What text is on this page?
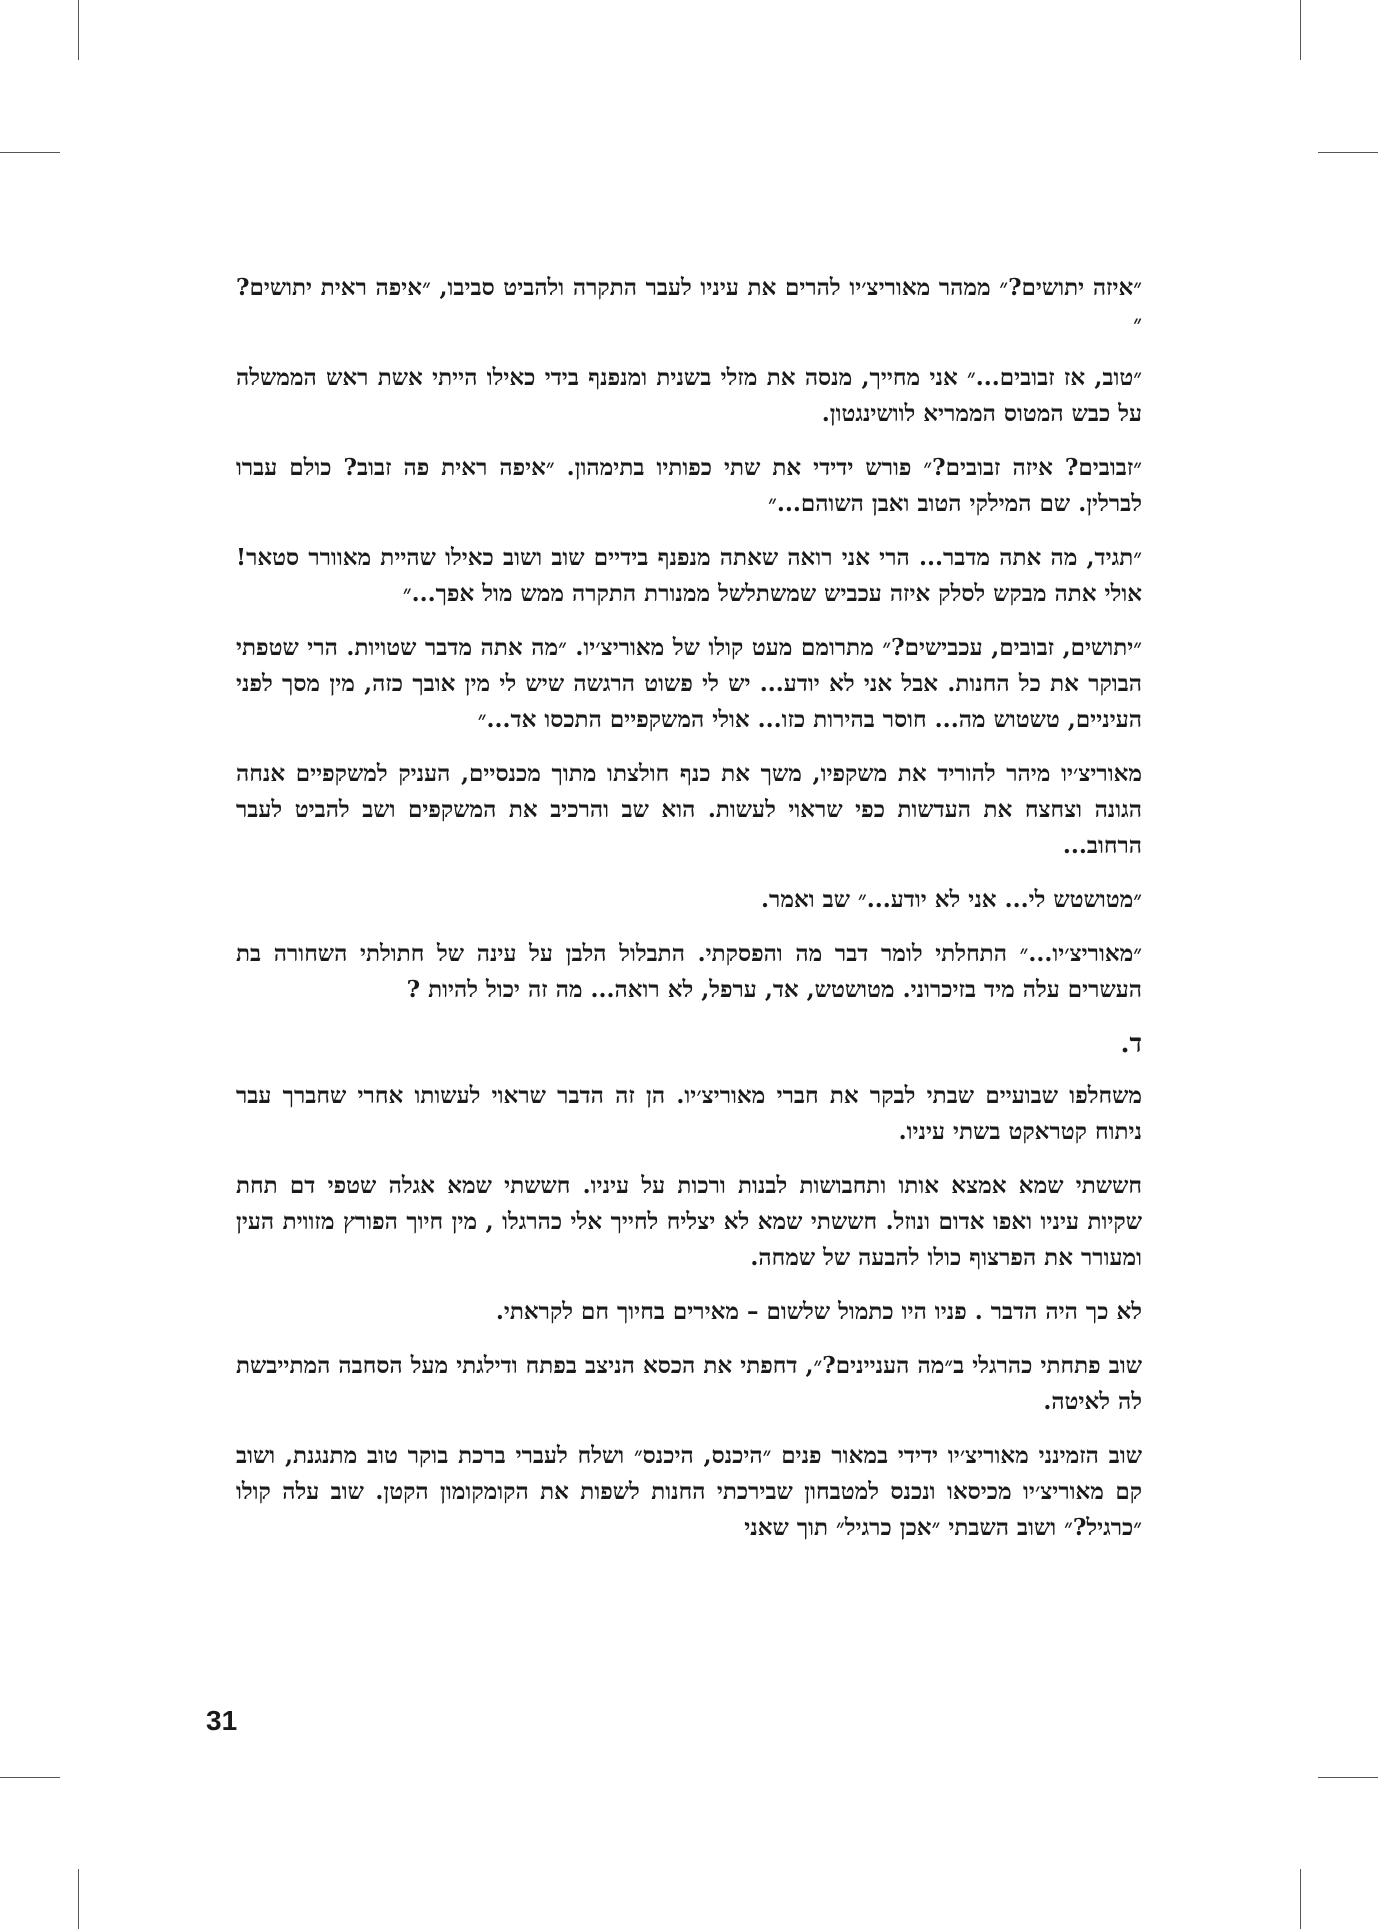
״איזה יתושים?״ ממהר מאוריצ׳יו להרים את עיניו לעבר התקרה ולהביט סביבו, ״איפה ראית יתושים?״

״טוב, אז זבובים...״ אני מחייך, מנסה את מזלי בשנית ומנפנף בידי כאילו הייתי אשת ראש הממשלה על כבש המטוס הממריא לוושינגטון.

״זבובים? איזה זבובים?״ פורש ידידי את שתי כפותיו בתימהון. ״איפה ראית פה זבוב? כולם עברו לברלין. שם המילקי הטוב ואבן השוהם...״

״תגיד, מה אתה מדבר... הרי אני רואה שאתה מנפנף בידיים שוב ושוב כאילו שהיית מאוורר סטאר! אולי אתה מבקש לסלק איזה עכביש שמשתלשל ממנורת התקרה ממש מול אפך...״

״יתושים, זבובים, עכבישים?״ מתרומם מעט קולו של מאוריצ׳יו. ״מה אתה מדבר שטויות. הרי שטפתי הבוקר את כל החנות. אבל אני לא יודע... יש לי פשוט הרגשה שיש לי מין אובך כזה, מין מסך לפני העיניים, טשטוש מה... חוסר בהירות כזו... אולי המשקפיים התכסו אד...״

מאוריצ׳יו מיהר להוריד את משקפיו, משך את כנף חולצתו מתוך מכנסיים, העניק למשקפיים אנחה הגונה וצחצח את העדשות כפי שראוי לעשות. הוא שב והרכיב את המשקפים ושב להביט לעבר הרחוב...

״מטושטש לי... אני לא יודע...״ שב ואמר.

״מאוריצ׳יו...״ התחלתי לומר דבר מה והפסקתי. התבלול הלבן על עינה של חתולתי השחורה בת העשרים עלה מיד בזיכרוני. מטושטש, אד, ערפל, לא רואה... מה זה יכול להיות ?

ד.

משחלפו שבועיים שבתי לבקר את חברי מאוריצ׳יו. הן זה הדבר שראוי לעשותו אחרי שחברך עבר ניתוח קטראקט בשתי עיניו.

חששתי שמא אמצא אותו ותחבושות לבנות ורכות על עיניו. חששתי שמא אגלה שטפי דם תחת שקיות עיניו ואפו אדום ונוזל. חששתי שמא לא יצליח לחייך אלי כהרגלו , מין חיוך הפורץ מזווית העין ומעורר את הפרצוף כולו להבעה של שמחה.

לא כך היה הדבר . פניו היו כתמול שלשום – מאירים בחיוך חם לקראתי.

שוב פתחתי כהרגלי ב״מה העניינים?״, דחפתי את הכסא הניצב בפתח ודילגתי מעל הסחבה המתייבשת לה לאיטה.

שוב הזמינני מאוריצ׳יו ידידי במאור פנים ״היכנס, היכנס״ ושלח לעברי ברכת בוקר טוב מתנגנת, ושוב קם מאוריצ׳יו מכיסאו ונכנס למטבחון שבירכתי החנות לשפות את הקומקומון הקטן. שוב עלה קולו ״כרגיל?״ ושוב השבתי ״אכן כרגיל״ תוך שאני

31
